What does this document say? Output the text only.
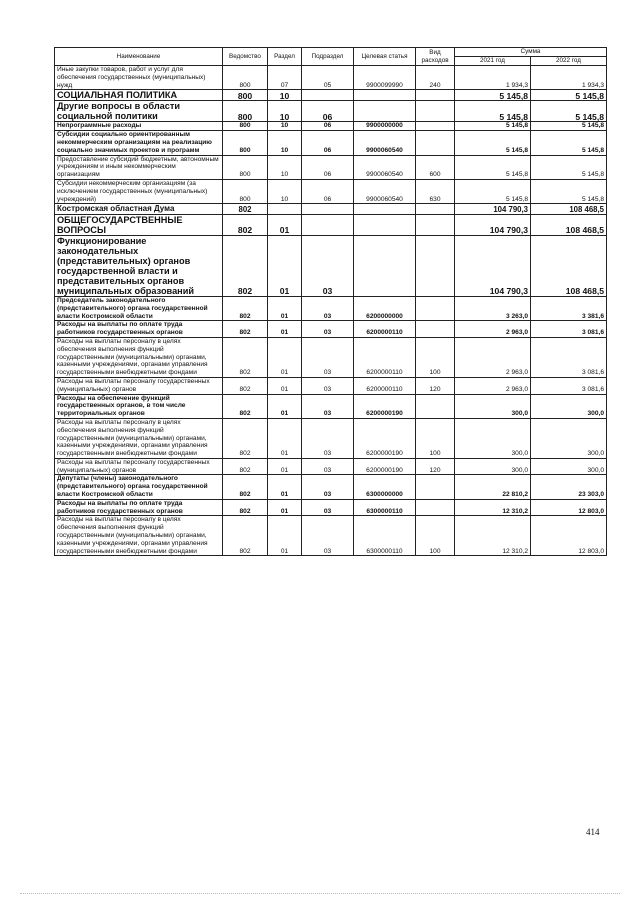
Наименование	Ведомство	Раздел	Подраздел	Целевая статья	Вид расходов	Сумма	
						2021 год	2022 год
Иные закупки товаров, работ и услуг для обеспечения государственных (муниципальных) нужд	800	07	05	9900099990	240	1 934,3	1 934,3
СОЦИАЛЬНАЯ ПОЛИТИКА	800	10				5 145,8	5 145,8
Другие вопросы в области социальной политики	800	10	06			5 145,8	5 145,8
Непрограммные расходы	800	10	06	9900000000		5 145,8	5 145,8
Субсидии социально ориентированным некоммерческим организациям на реализацию социально значимых проектов и программ	800	10	06	9900060540		5 145,8	5 145,8
Предоставление субсидий бюджетным, автономным учреждениям и иным некоммерческим организациям	800	10	06	9900060540	600	5 145,8	5 145,8
Субсидии некоммерческим организациям (за исключением государственных (муниципальных) учреждений)	800	10	06	9900060540	630	5 145,8	5 145,8
Костромская областная Дума	802					104 790,3	108 468,5
ОБЩЕГОСУДАРСТВЕННЫЕ ВОПРОСЫ	802	01				104 790,3	108 468,5
Функционирование законодательных (представительных) органов государственной власти и представительных органов муниципальных образований	802	01	03			104 790,3	108 468,5
Председатель законодательного (представительного) органа государственной власти Костромской области	802	01	03	6200000000		3 263,0	3 381,6
Расходы на выплаты по оплате труда работников государственных органов	802	01	03	6200000110		2 963,0	3 081,6
Расходы на выплаты персоналу в целях обеспечения выполнения функций государственными (муниципальными) органами, казенными учреждениями, органами управления государственными внебюджетными фондами	802	01	03	6200000110	100	2 963,0	3 081,6
Расходы на выплаты персоналу государственных (муниципальных) органов	802	01	03	6200000110	120	2 963,0	3 081,6
Расходы на обеспечение функций государственных органов, в том числе территориальных органов	802	01	03	6200000190		300,0	300,0
Расходы на выплаты персоналу в целях обеспечения выполнения функций государственными (муниципальными) органами, казенными учреждениями, органами управления государственными внебюджетными фондами	802	01	03	6200000190	100	300,0	300,0
Расходы на выплаты персоналу государственных (муниципальных) органов	802	01	03	6200000190	120	300,0	300,0
Депутаты (члены) законодательного (представительного) органа государственной власти Костромской области	802	01	03	6300000000		22 810,2	23 303,0
Расходы на выплаты по оплате труда работников государственных органов	802	01	03	6300000110		12 310,2	12 803,0
Расходы на выплаты персоналу в целях обеспечения выполнения функций государственными (муниципальными) органами, казенными учреждениями, органами управления государственными внебюджетными фондами	802	01	03	6300000110	100	12 310,2	12 803,0
414
